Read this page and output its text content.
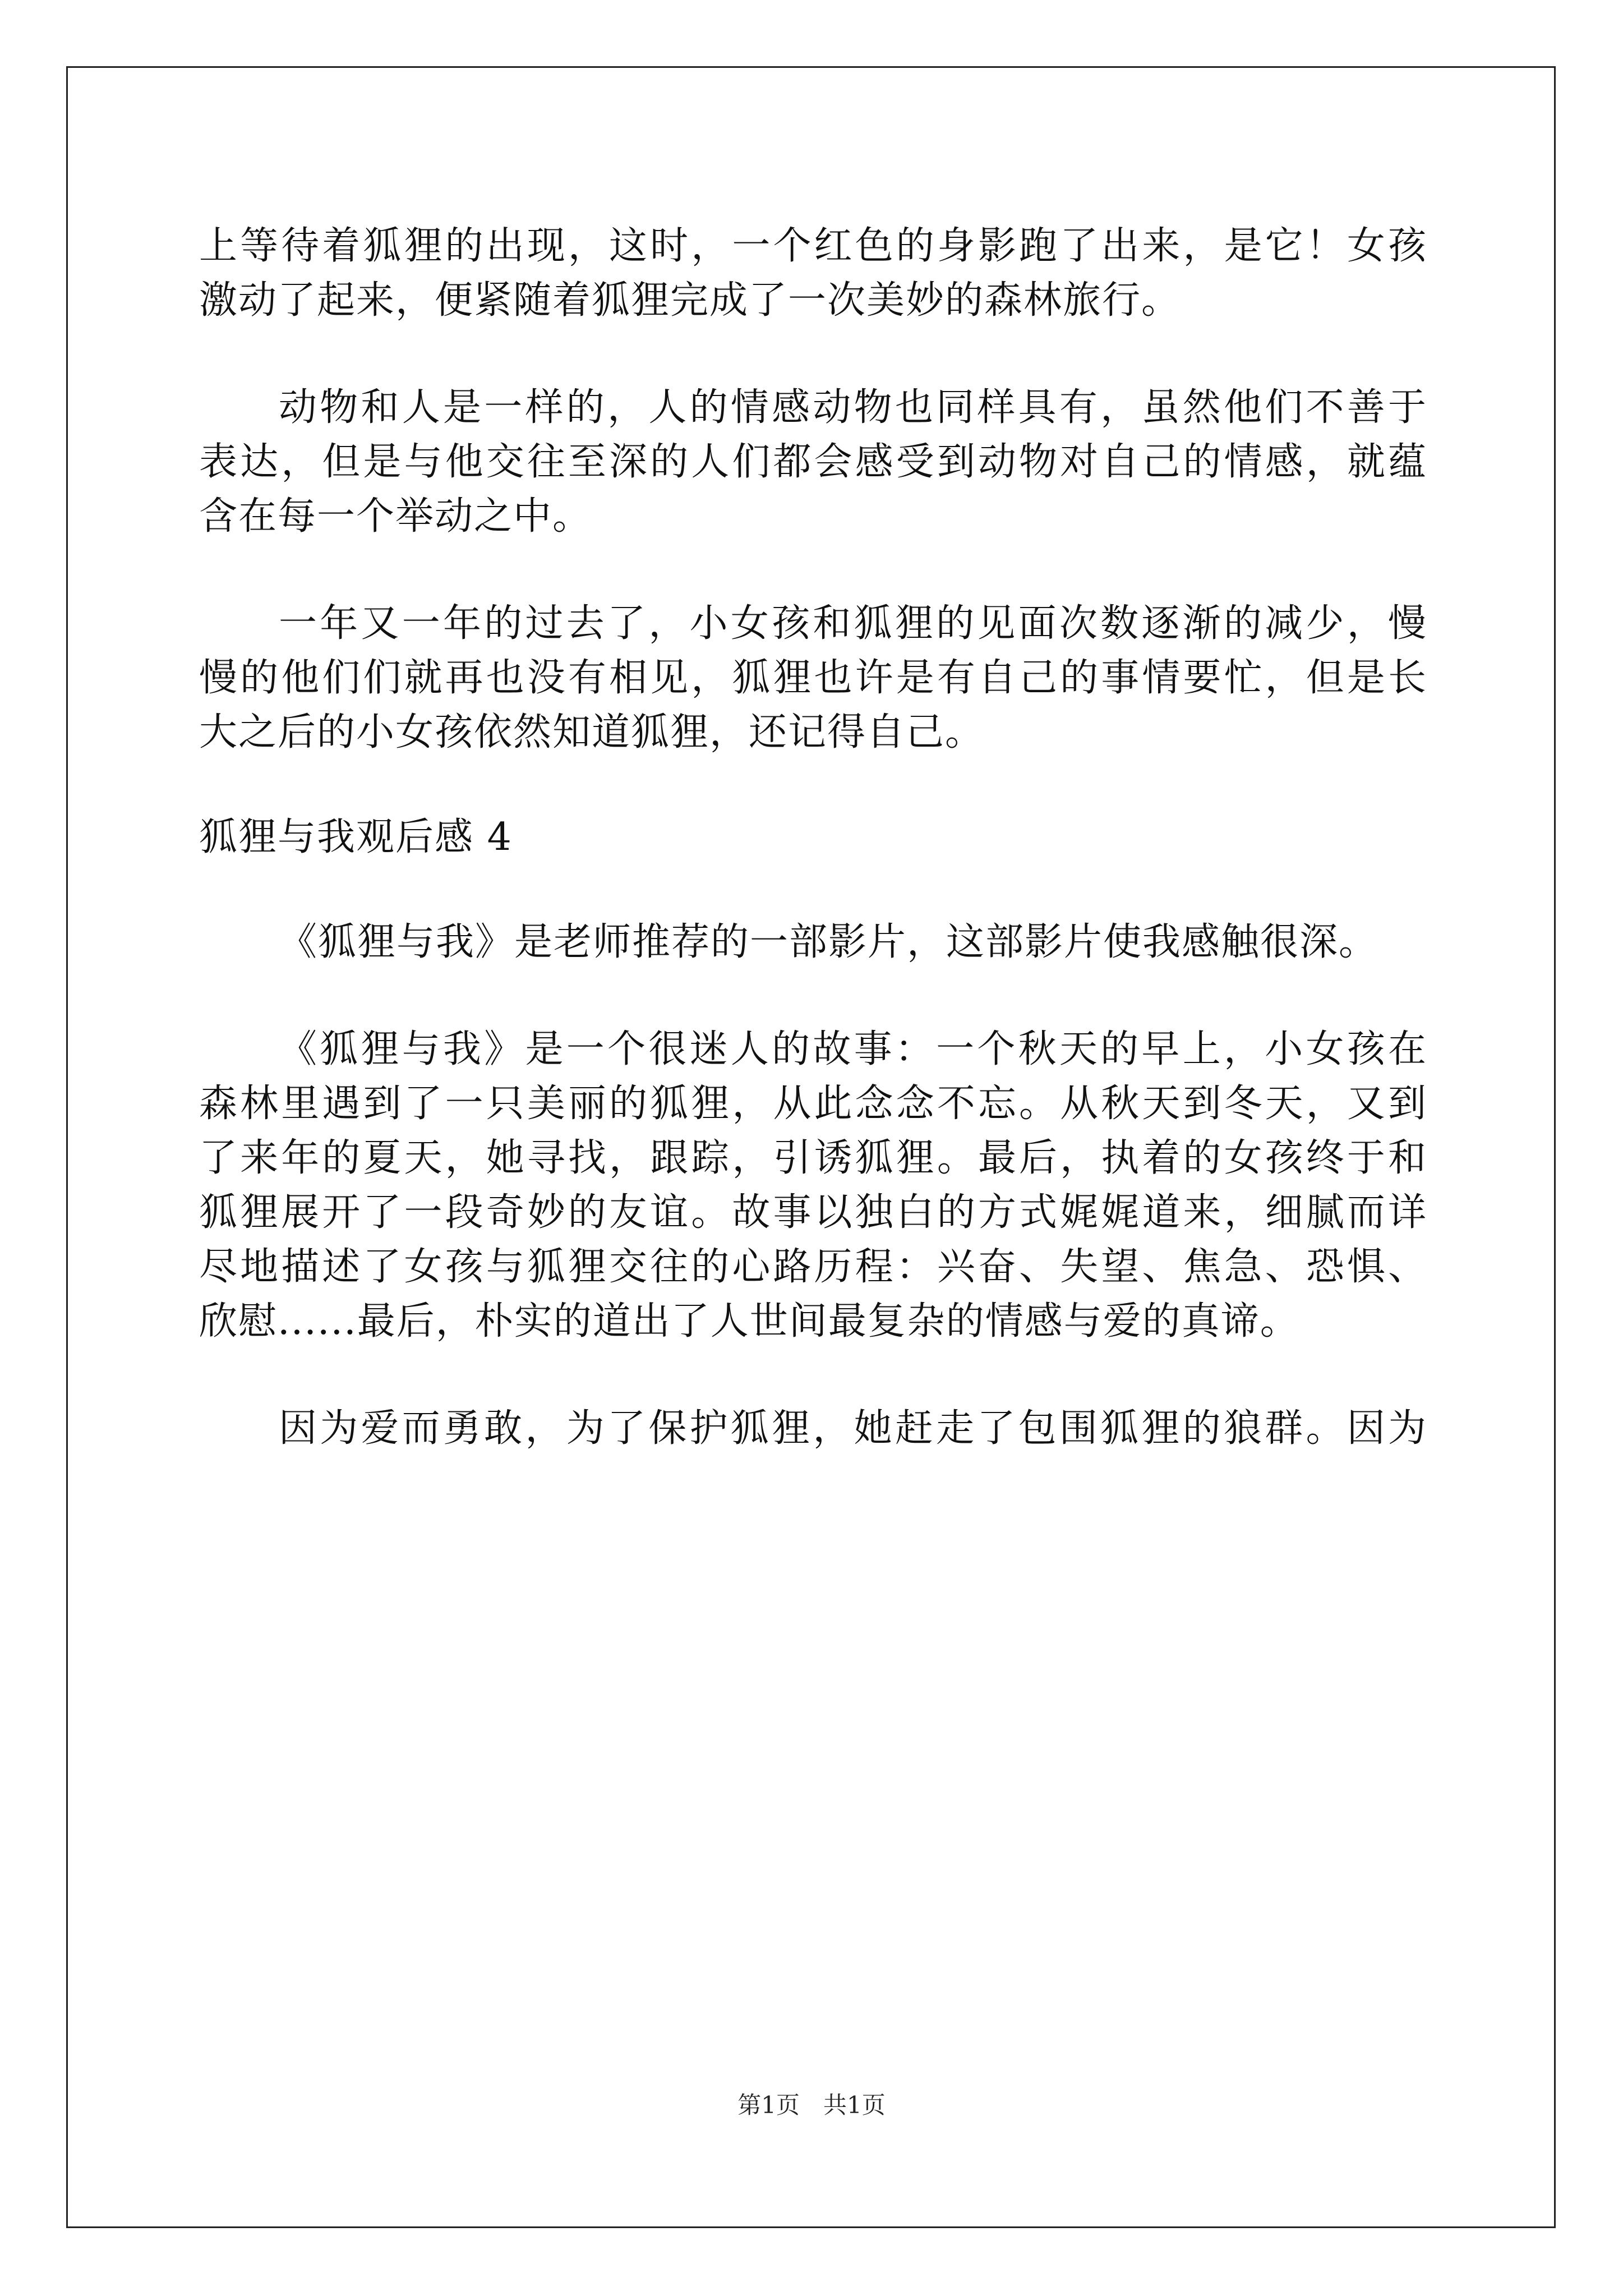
上等待着狐狸的出现，这时，一个红色的身影跑了出来，是它！女孩
激动了起来，便紧随着狐狸完成了一次美妙的森林旅行。
动物和人是一样的，人的情感动物也同样具有，虽然他们不善于
表达，但是与他交往至深的人们都会感受到动物对自己的情感，就蕴
含在每一个举动之中。
一年又一年的过去了，小女孩和狐狸的见面次数逐渐的减少，慢
慢的他们们就再也没有相见，狐狸也许是有自己的事情要忙，但是长
大之后的小女孩依然知道狐狸，还记得自己。
狐狸与我观后感 4
《狐狸与我》是老师推荐的一部影片，这部影片使我感触很深。
《狐狸与我》是一个很迷人的故事：一个秋天的早上，小女孩在
森林里遇到了一只美丽的狐狸，从此念念不忘。从秋天到冬天，又到
了来年的夏天，她寻找，跟踪，引诱狐狸。最后，执着的女孩终于和
狐狸展开了一段奇妙的友谊。故事以独白的方式娓娓道来，细腻而详
尽地描述了女孩与狐狸交往的心路历程：兴奋、失望、焦急、恐惧、
欣慰......最后，朴实的道出了人世间最复杂的情感与爱的真谛。
因为爱而勇敢，为了保护狐狸，她赶走了包围狐狸的狼群。因为
第1页　共1页
